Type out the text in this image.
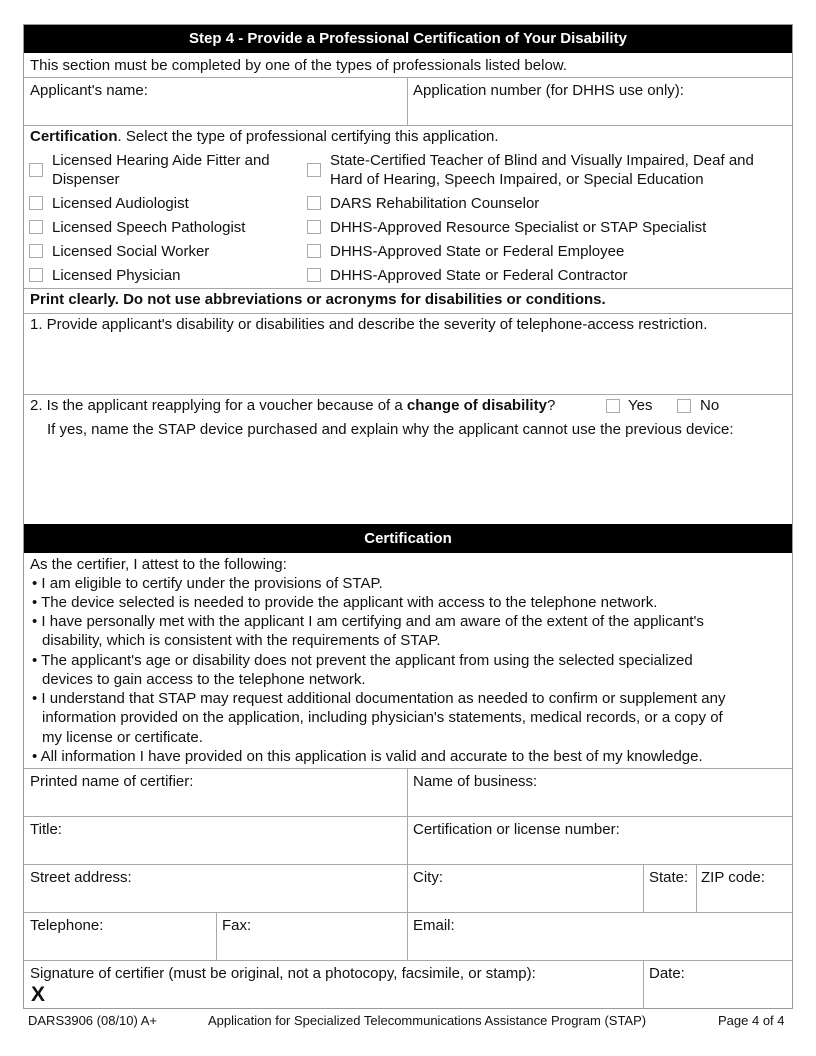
Step 4 - Provide a Professional Certification of Your Disability
This section must be completed by one of the types of professionals listed below.
Applicant's name:	Application number (for DHHS use only):
Certification. Select the type of professional certifying this application.
Licensed Hearing Aide Fitter and
Dispenser
Licensed Audiologist
Licensed Speech Pathologist
Licensed Social Worker
Licensed Physician
State-Certified Teacher of Blind and Visually Impaired, Deaf and
Hard of Hearing, Speech Impaired, or Special Education
DARS Rehabilitation Counselor
DHHS-Approved Resource Specialist or STAP Specialist
DHHS-Approved State or Federal Employee
DHHS-Approved State or Federal Contractor
Print clearly. Do not use abbreviations or acronyms for disabilities or conditions.
1. Provide applicant's disability or disabilities and describe the severity of telephone-access restriction.
2. Is the applicant reapplying for a voucher because of a change of disability?	Yes	No
If yes, name the STAP device purchased and explain why the applicant cannot use the previous device:
Certification
As the certifier, I attest to the following:
• I am eligible to certify under the provisions of STAP.
• The device selected is needed to provide the applicant with access to the telephone network.
• I have personally met with the applicant I am certifying and am aware of the extent of the applicant's
disability, which is consistent with the requirements of STAP.
• The applicant's age or disability does not prevent the applicant from using the selected specialized
devices to gain access to the telephone network.
• I understand that STAP may request additional documentation as needed to confirm or supplement any
information provided on the application, including physician's statements, medical records, or a copy of
my license or certificate.
• All information I have provided on this application is valid and accurate to the best of my knowledge.
Printed name of certifier:	Name of business:
Title:	Certification or license number:
Street address:	City:	State: ZIP code:
Telephone:	Fax:	Email:
Signature of certifier (must be original, not a photocopy, facsimile, or stamp):
X
Date:
DARS3906 (08/10) A+	Application for Specialized Telecommunications Assistance Program (STAP)	Page 4 of 4
